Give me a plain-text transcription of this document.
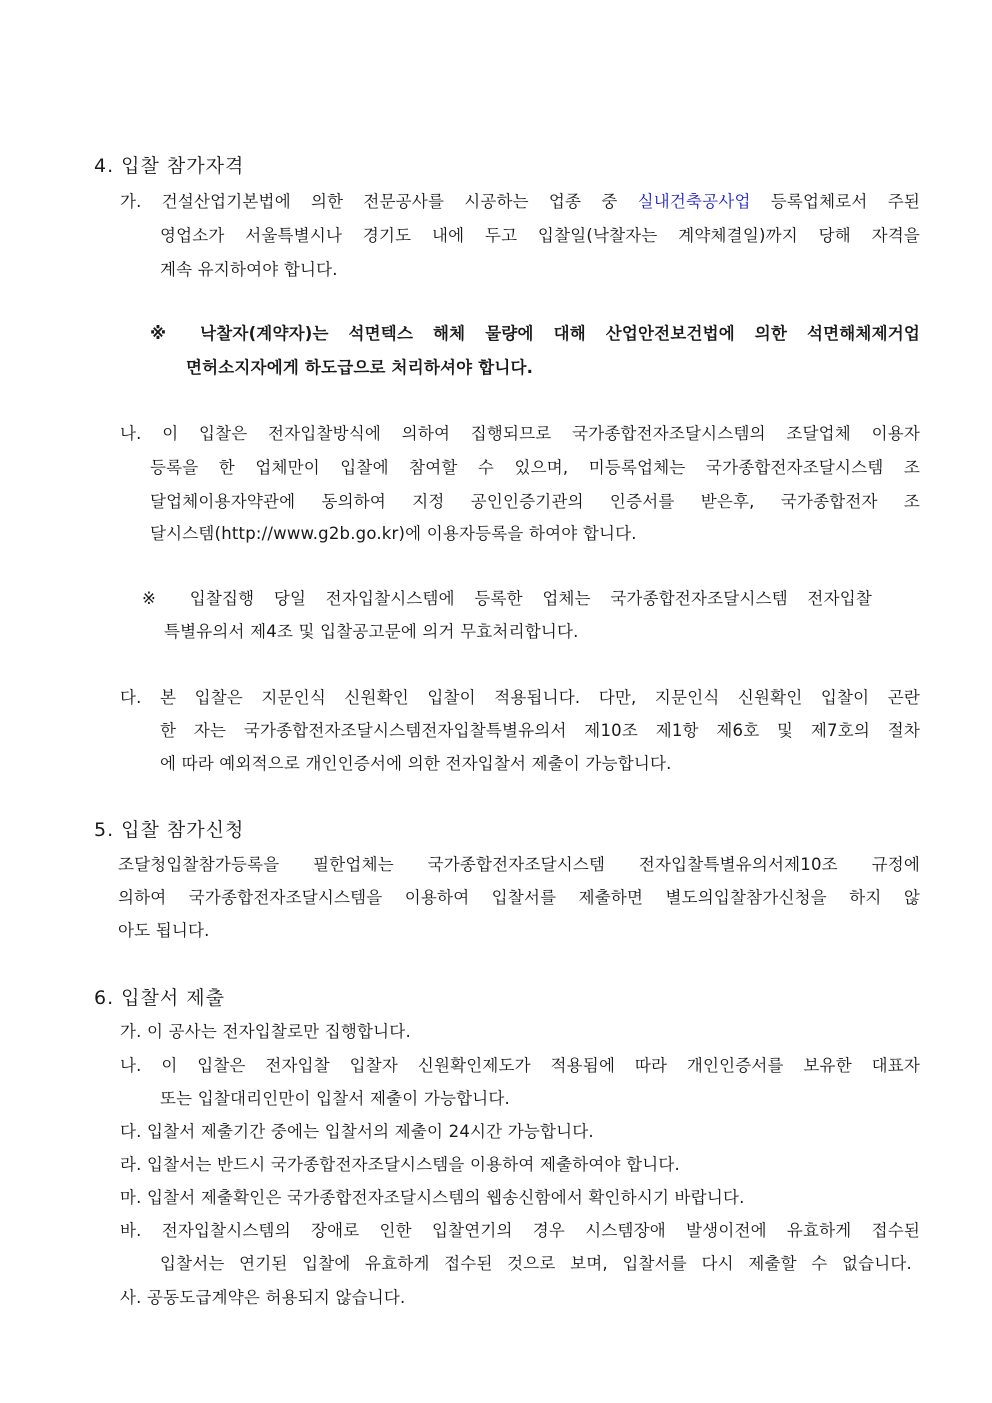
4. 입찰 참가자격
가. 건설산업기본법에 의한 전문공사를 시공하는 업종 중 실내건축공사업 등록업체로서 주된
영업소가 서울특별시나 경기도 내에 두고 입찰일(낙찰자는 계약체결일)까지 당해 자격을
계속 유지하여야 합니다.
※ 낙찰자(계약자)는 석면텍스 해체 물량에 대해 산업안전보건법에 의한 석면해체제거업
면허소지자에게 하도급으로 처리하셔야 합니다.
나. 이 입찰은 전자입찰방식에 의하여 집행되므로 국가종합전자조달시스템의 조달업체 이용자
등록을 한 업체만이 입찰에 참여할 수 있으며, 미등록업체는 국가종합전자조달시스템 조
달업체이용자약관에 동의하여 지정 공인인증기관의 인증서를 받은후, 국가종합전자 조
달시스템(http://www.g2b.go.kr)에 이용자등록을 하여야 합니다.
※ 입찰집행 당일 전자입찰시스템에 등록한 업체는 국가종합전자조달시스템 전자입찰
특별유의서 제4조 및 입찰공고문에 의거 무효처리합니다.
다. 본 입찰은 지문인식 신원확인 입찰이 적용됩니다. 다만, 지문인식 신원확인 입찰이 곤란
한 자는 국가종합전자조달시스템전자입찰특별유의서 제10조 제1항 제6호 및 제7호의 절차
에 따라 예외적으로 개인인증서에 의한 전자입찰서 제출이 가능합니다.
5. 입찰 참가신청
조달청입찰참가등록을 필한업체는 국가종합전자조달시스템 전자입찰특별유의서제10조 규정에
의하여 국가종합전자조달시스템을 이용하여 입찰서를 제출하면 별도의입찰참가신청을 하지 않
아도 됩니다.
6. 입찰서 제출
가. 이 공사는 전자입찰로만 집행합니다.
나. 이 입찰은 전자입찰 입찰자 신원확인제도가 적용됨에 따라 개인인증서를 보유한 대표자
또는 입찰대리인만이 입찰서 제출이 가능합니다.
다. 입찰서 제출기간 중에는 입찰서의 제출이 24시간 가능합니다.
라. 입찰서는 반드시 국가종합전자조달시스템을 이용하여 제출하여야 합니다.
마. 입찰서 제출확인은 국가종합전자조달시스템의 웹송신함에서 확인하시기 바랍니다.
바. 전자입찰시스템의 장애로 인한 입찰연기의 경우 시스템장애 발생이전에 유효하게 접수된
입찰서는 연기된 입찰에 유효하게 접수된 것으로 보며, 입찰서를 다시 제출할 수 없습니다.
사. 공동도급계약은 허용되지 않습니다.
